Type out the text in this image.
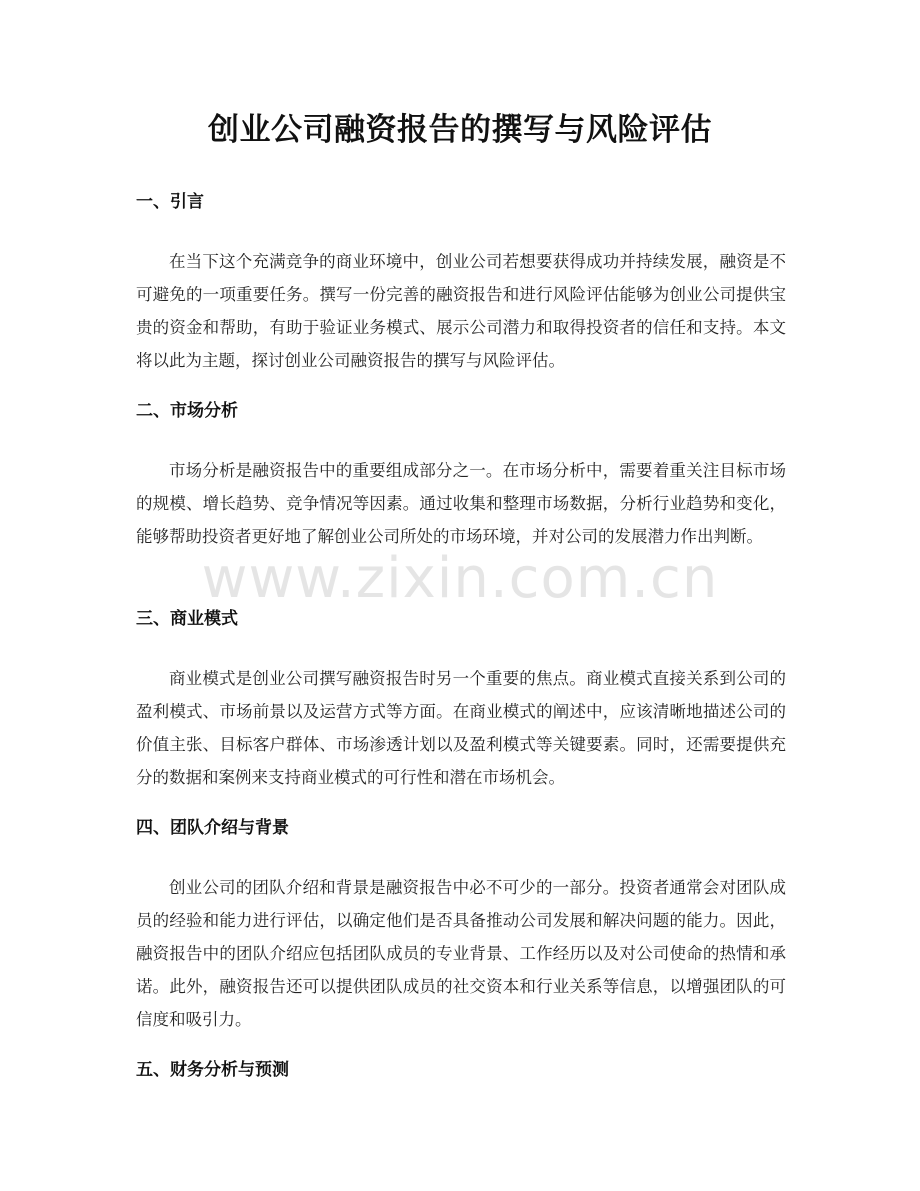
创业公司融资报告的撰写与风险评估
一、引言

在当下这个充满竞争的商业环境中，创业公司若想要获得成功并持续发展，融资是不可避免的一项重要任务。撰写一份完善的融资报告和进行风险评估能够为创业公司提供宝贵的资金和帮助，有助于验证业务模式、展示公司潜力和取得投资者的信任和支持。本文将以此为主题，探讨创业公司融资报告的撰写与风险评估。

二、市场分析

市场分析是融资报告中的重要组成部分之一。在市场分析中，需要着重关注目标市场的规模、增长趋势、竞争情况等因素。通过收集和整理市场数据，分析行业趋势和变化，能够帮助投资者更好地了解创业公司所处的市场环境，并对公司的发展潜力作出判断。

三、商业模式

商业模式是创业公司撰写融资报告时另一个重要的焦点。商业模式直接关系到公司的盈利模式、市场前景以及运营方式等方面。在商业模式的阐述中，应该清晰地描述公司的价值主张、目标客户群体、市场渗透计划以及盈利模式等关键要素。同时，还需要提供充分的数据和案例来支持商业模式的可行性和潜在市场机会。

四、团队介绍与背景

创业公司的团队介绍和背景是融资报告中必不可少的一部分。投资者通常会对团队成员的经验和能力进行评估，以确定他们是否具备推动公司发展和解决问题的能力。因此，融资报告中的团队介绍应包括团队成员的专业背景、工作经历以及对公司使命的热情和承诺。此外，融资报告还可以提供团队成员的社交资本和行业关系等信息，以增强团队的可信度和吸引力。

五、财务分析与预测
www.zixin.com.cn
